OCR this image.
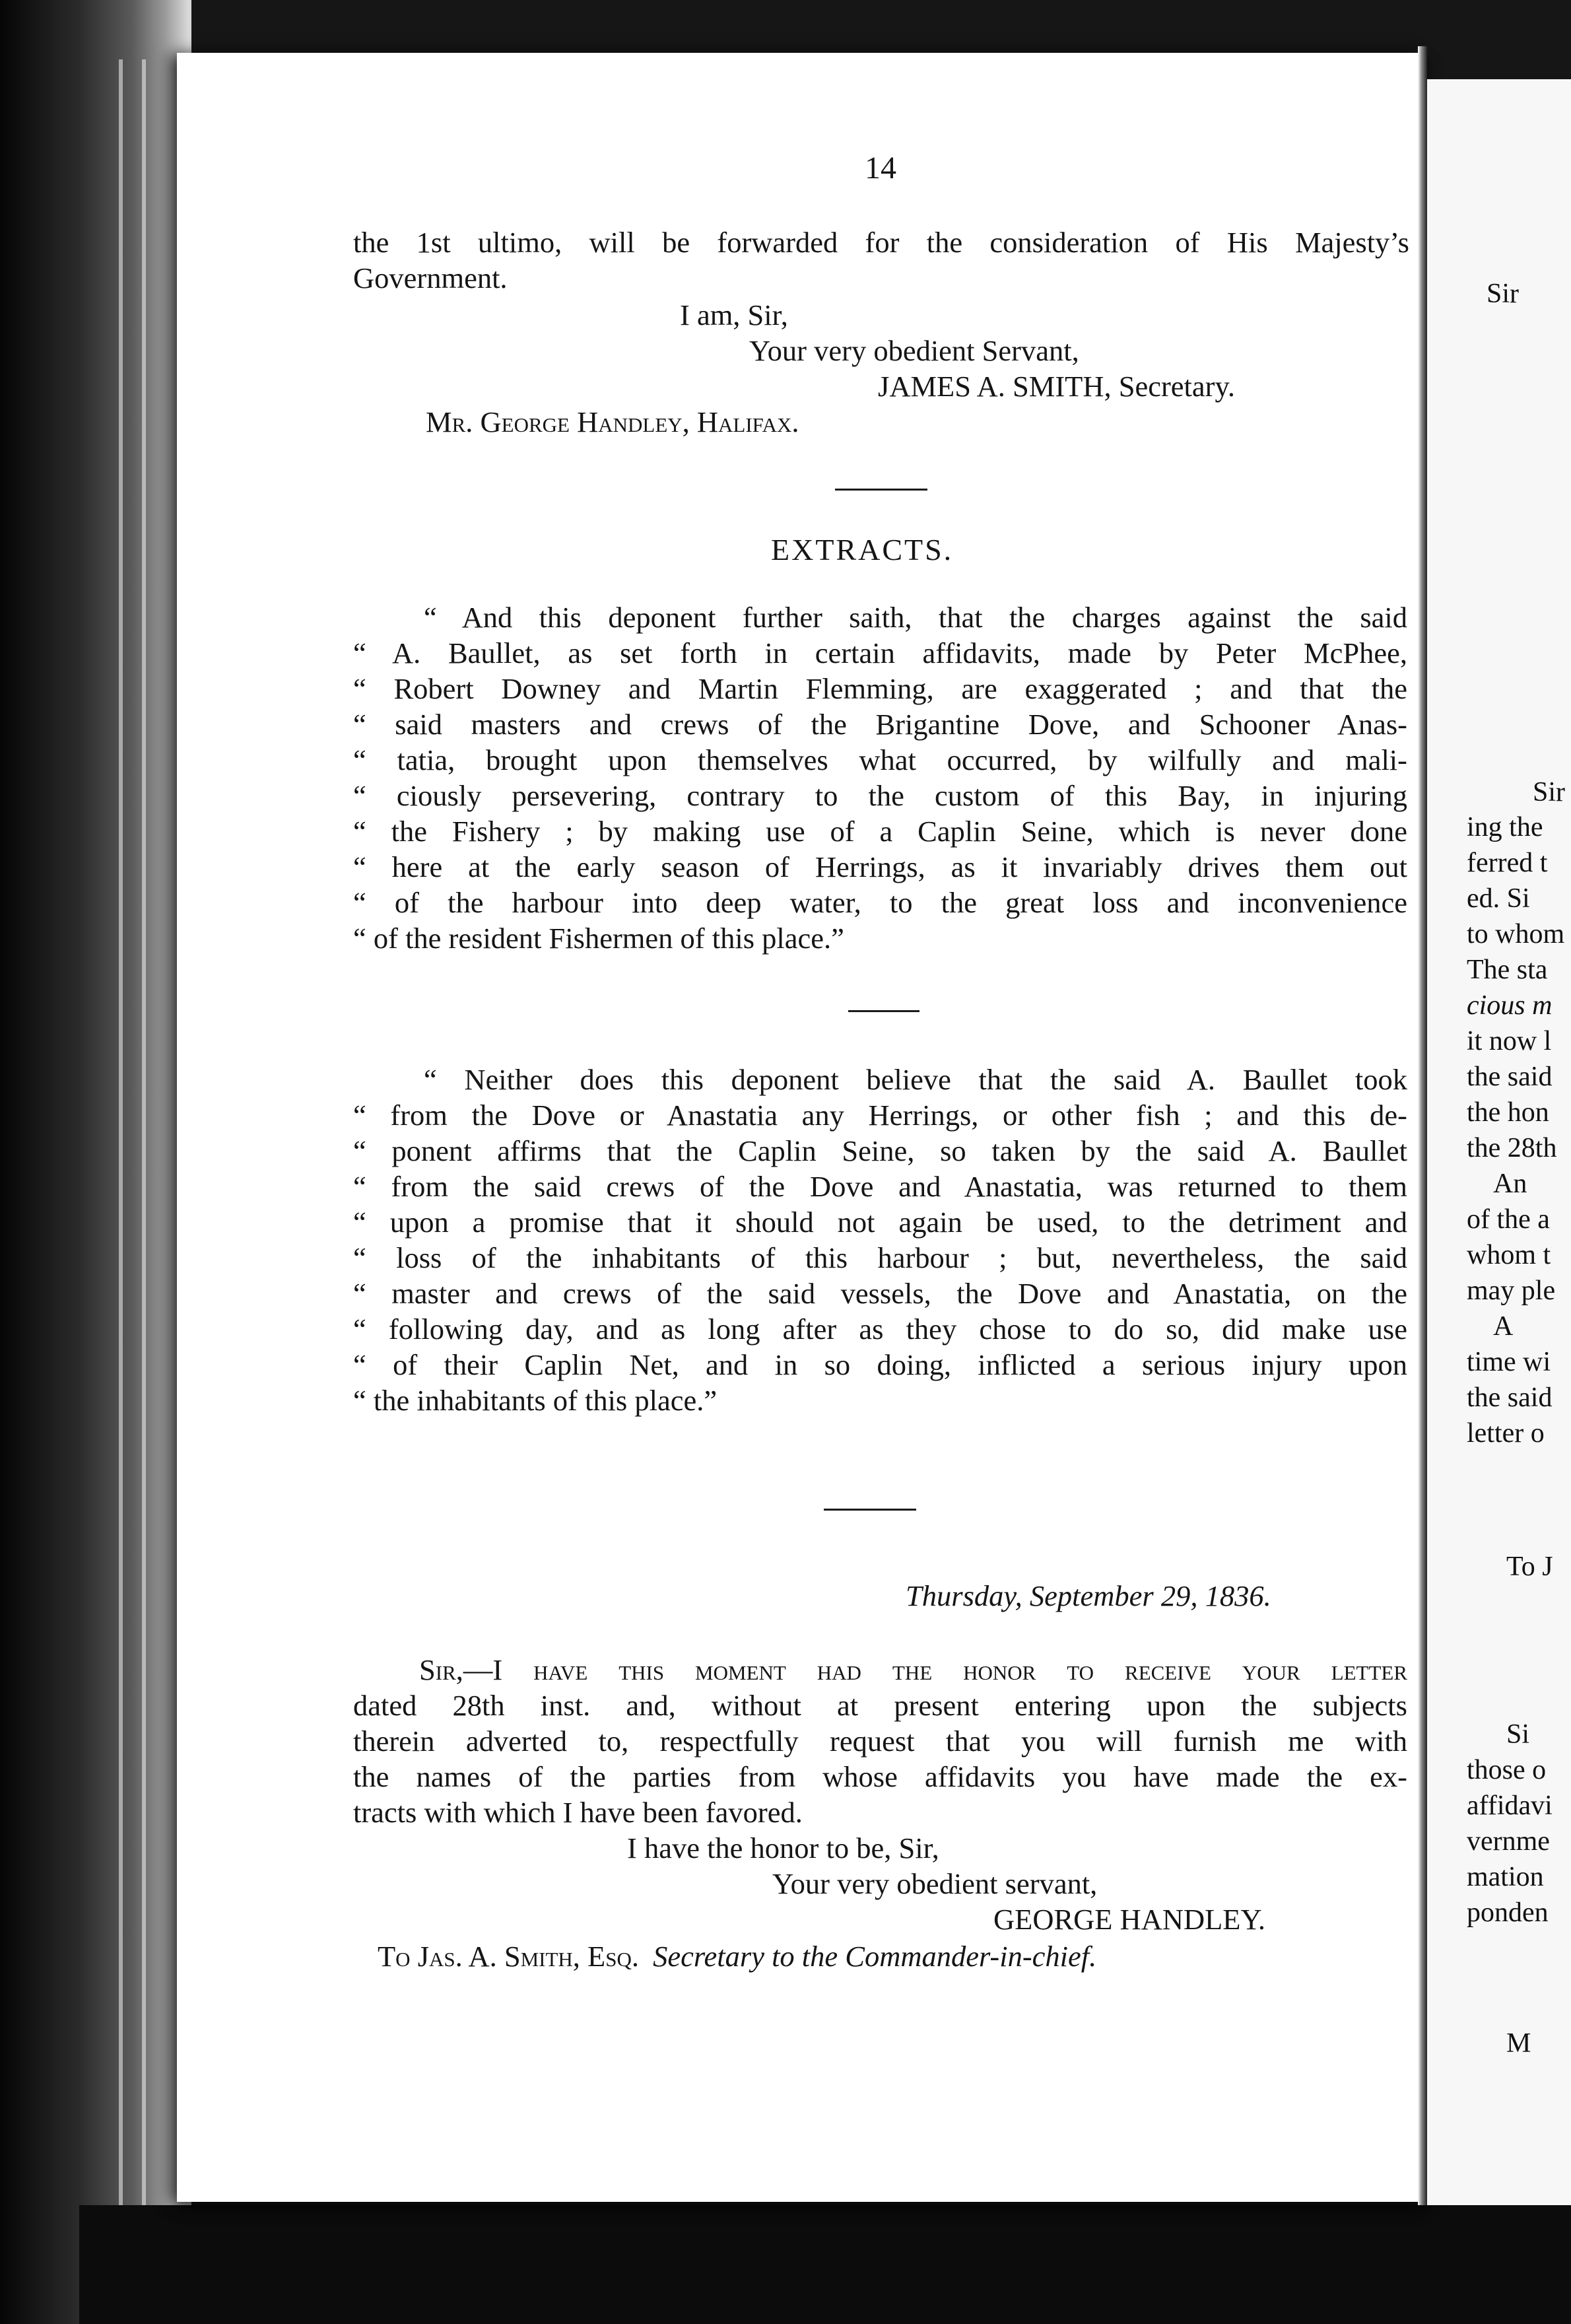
Sir
Sir
ing the
ferred t
ed. Si
to whom
The sta
cious m
it now l
the said
the hon
the 28th
An
of the a
whom t
may ple
A
time wi
the said
letter o
To J
Si
those o
affidavi
vernme
mation
ponden
M
14
the 1st ultimo, will be forwarded for the consideration of His Majesty’s
Government.
I am, Sir,
Your very obedient Servant,
JAMES A. SMITH, Secretary.
Mr. George Handley, Halifax.
EXTRACTS.
“ And this deponent further saith, that the charges against the said
“ A. Baullet, as set forth in certain affidavits, made by Peter McPhee,
“ Robert Downey and Martin Flemming, are exaggerated ; and that the
“ said masters and crews of the Brigantine Dove, and Schooner Anas-
“ tatia, brought upon themselves what occurred, by wilfully and mali-
“ ciously persevering, contrary to the custom of this Bay, in injuring
“ the Fishery ; by making use of a Caplin Seine, which is never done
“ here at the early season of Herrings, as it invariably drives them out
“ of the harbour into deep water, to the great loss and inconvenience
“ of the resident Fishermen of this place.”
“ Neither does this deponent believe that the said A. Baullet took
“ from the Dove or Anastatia any Herrings, or other fish ; and this de-
“ ponent affirms that the Caplin Seine, so taken by the said A. Baullet
“ from the said crews of the Dove and Anastatia, was returned to them
“ upon a promise that it should not again be used, to the detriment and
“ loss of the inhabitants of this harbour ; but, nevertheless, the said
“ master and crews of the said vessels, the Dove and Anastatia, on the
“ following day, and as long after as they chose to do so, did make use
“ of their Caplin Net, and in so doing, inflicted a serious injury upon
“ the inhabitants of this place.”
Thursday, September 29, 1836.
Sir,—I have this moment had the honor to receive your letter
dated 28th inst. and, without at present entering upon the subjects
therein adverted to, respectfully request that you will furnish me with
the names of the parties from whose affidavits you have made the ex-
tracts with which I have been favored.
I have the honor to be, Sir,
Your very obedient servant,
GEORGE HANDLEY.
To Jas. A. Smith, Esq. Secretary to the Commander-in-chief.
